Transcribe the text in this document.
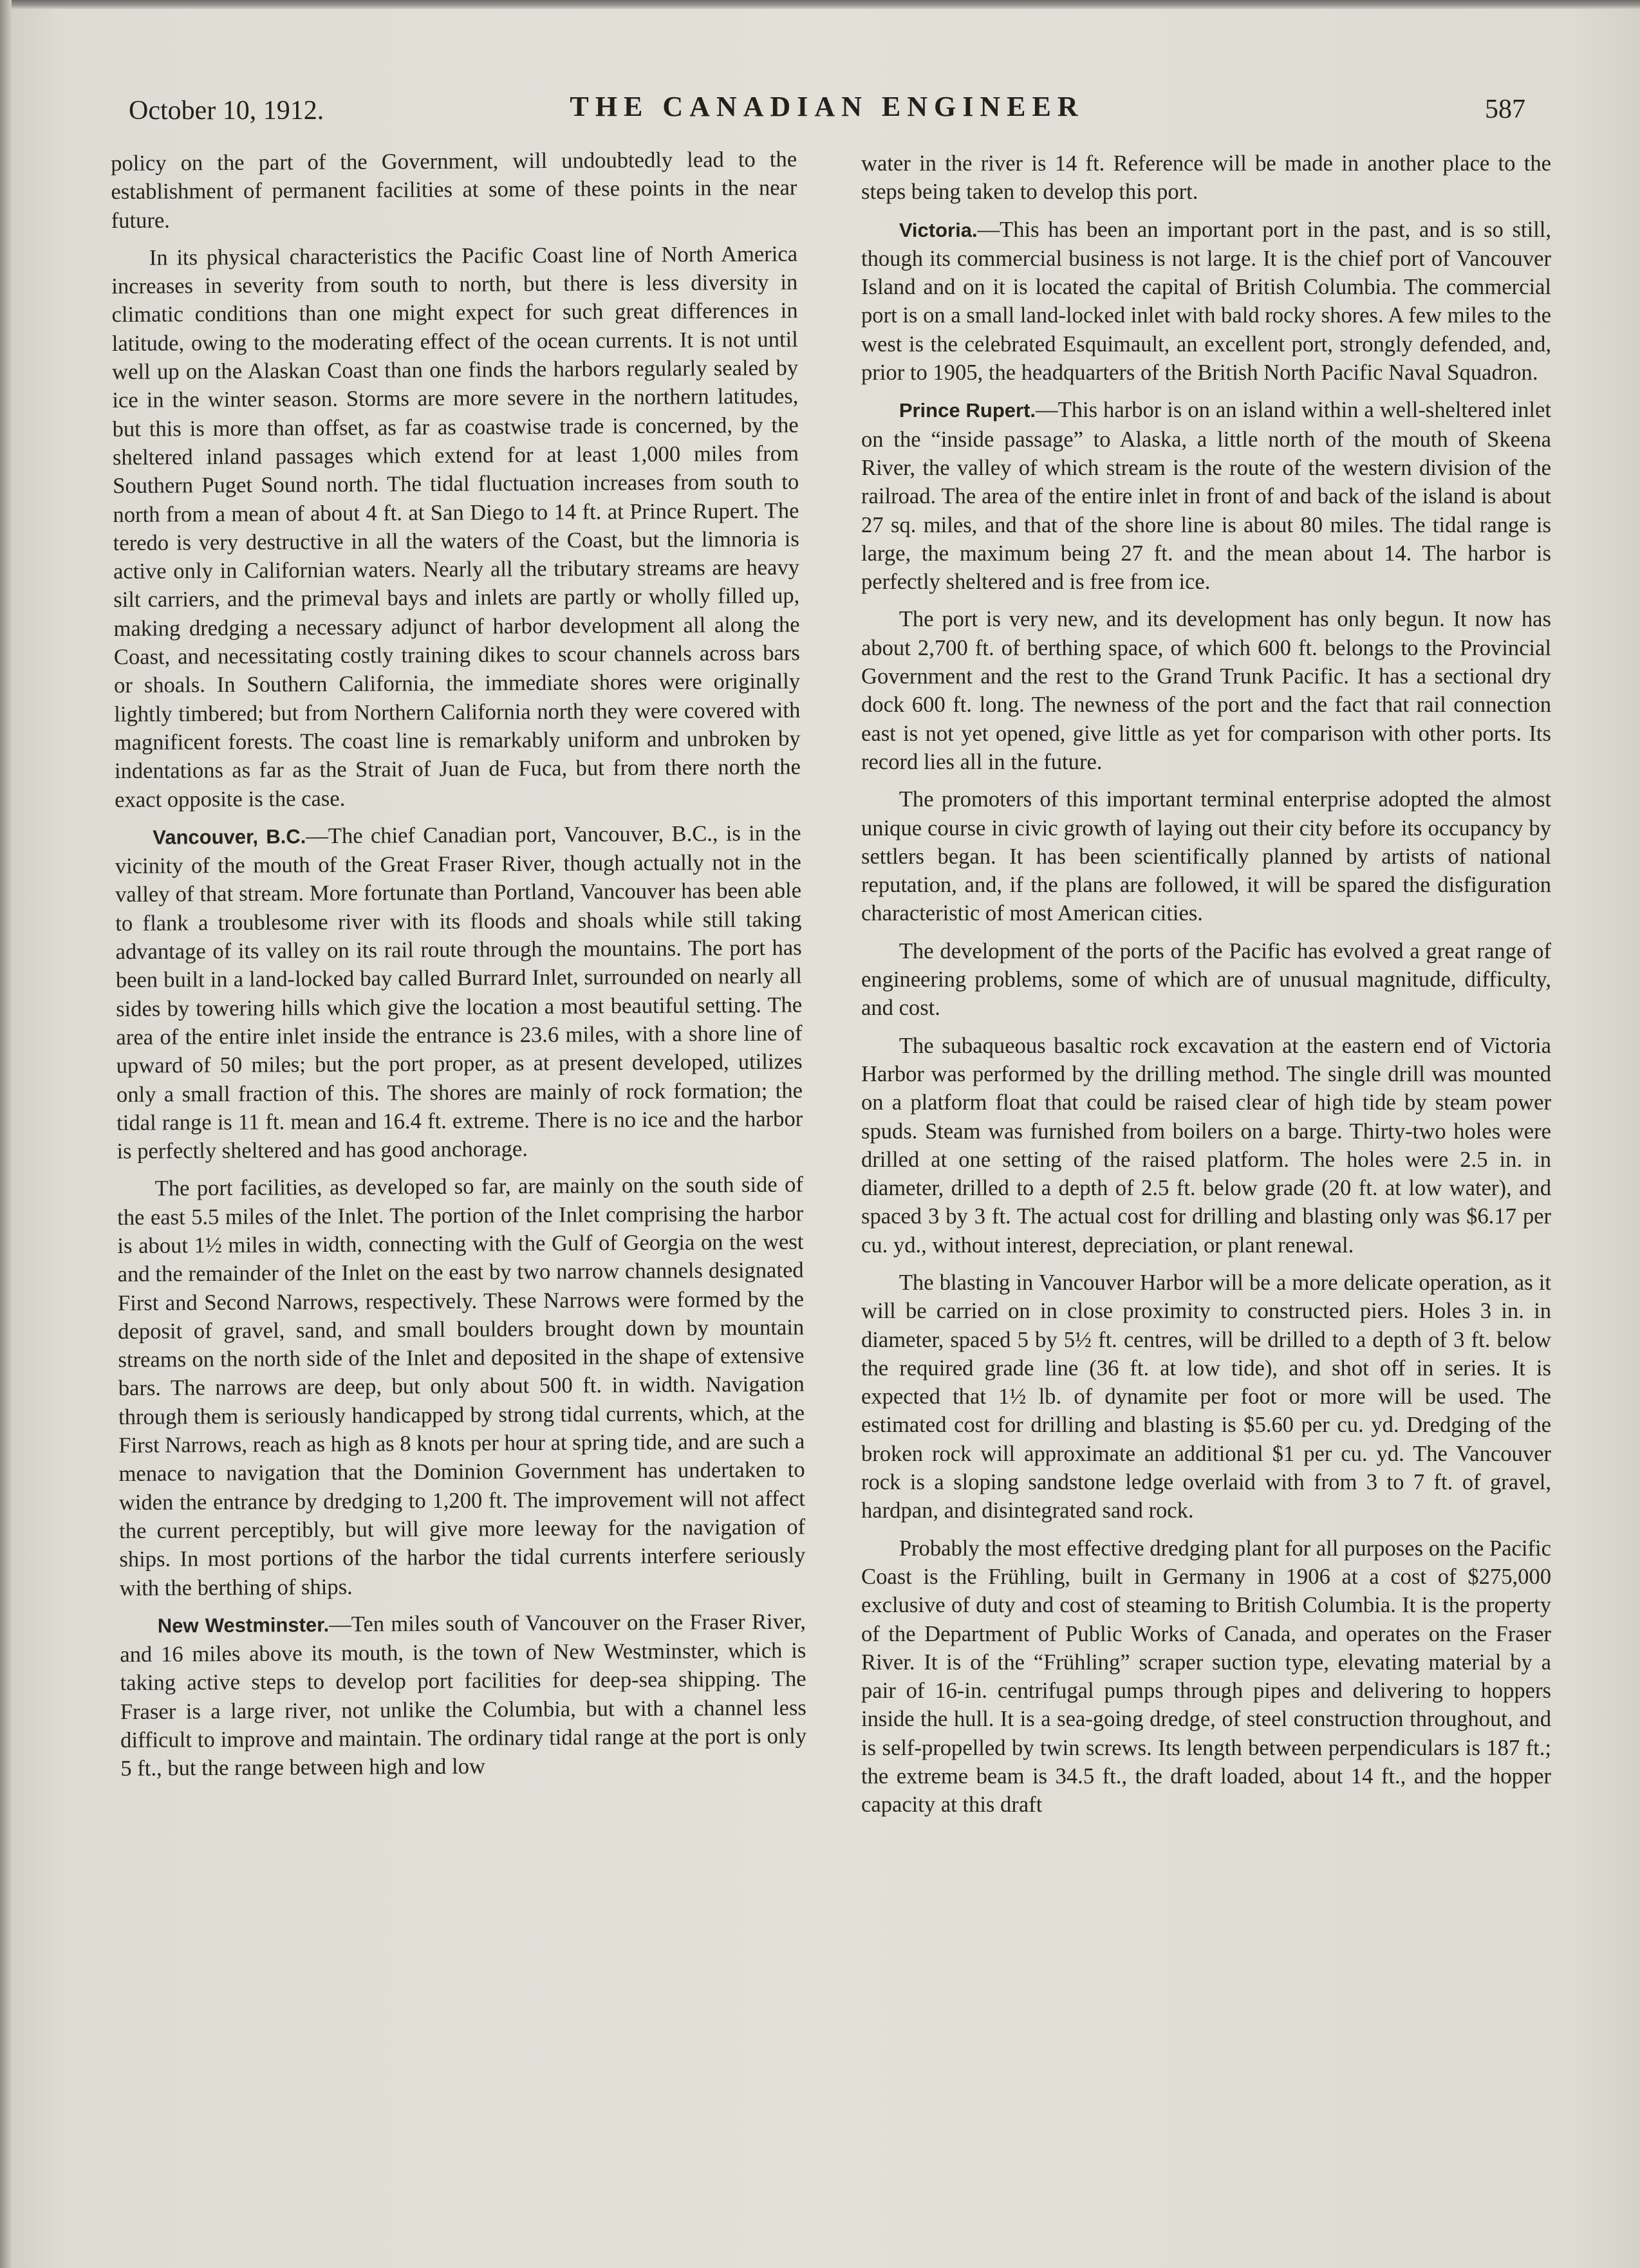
October 10, 1912.	THE CANADIAN ENGINEER	587

policy on the part of the Government, will undoubtedly lead to the establishment of permanent facilities at some of these points in the near future.

In its physical characteristics the Pacific Coast line of North America increases in severity from south to north, but there is less diversity in climatic conditions than one might expect for such great differences in latitude, owing to the moderating effect of the ocean currents. It is not until well up on the Alaskan Coast than one finds the harbors regularly sealed by ice in the winter season. Storms are more severe in the northern latitudes, but this is more than offset, as far as coastwise trade is concerned, by the sheltered inland passages which extend for at least 1,000 miles from Southern Puget Sound north. The tidal fluctuation increases from south to north from a mean of about 4 ft. at San Diego to 14 ft. at Prince Rupert. The teredo is very destructive in all the waters of the Coast, but the limnoria is active only in Californian waters. Nearly all the tributary streams are heavy silt carriers, and the primeval bays and inlets are partly or wholly filled up, making dredging a necessary adjunct of harbor development all along the Coast, and necessitating costly training dikes to scour channels across bars or shoals. In Southern California, the immediate shores were originally lightly timbered; but from Northern California north they were covered with magnificent forests. The coast line is remarkably uniform and unbroken by indentations as far as the Strait of Juan de Fuca, but from there north the exact opposite is the case.

Vancouver, B.C.—The chief Canadian port, Vancouver, B.C., is in the vicinity of the mouth of the Great Fraser River, though actually not in the valley of that stream. More fortunate than Portland, Vancouver has been able to flank a troublesome river with its floods and shoals while still taking advantage of its valley on its rail route through the mountains. The port has been built in a land-locked bay called Burrard Inlet, surrounded on nearly all sides by towering hills which give the location a most beautiful setting. The area of the entire inlet inside the entrance is 23.6 miles, with a shore line of upward of 50 miles; but the port proper, as at present developed, utilizes only a small fraction of this. The shores are mainly of rock formation; the tidal range is 11 ft. mean and 16.4 ft. extreme. There is no ice and the harbor is perfectly sheltered and has good anchorage.

The port facilities, as developed so far, are mainly on the south side of the east 5.5 miles of the Inlet. The portion of the Inlet comprising the harbor is about 1½ miles in width, connecting with the Gulf of Georgia on the west and the remainder of the Inlet on the east by two narrow channels designated First and Second Narrows, respectively. These Narrows were formed by the deposit of gravel, sand, and small boulders brought down by mountain streams on the north side of the Inlet and deposited in the shape of extensive bars. The narrows are deep, but only about 500 ft. in width. Navigation through them is seriously handicapped by strong tidal currents, which, at the First Narrows, reach as high as 8 knots per hour at spring tide, and are such a menace to navigation that the Dominion Government has undertaken to widen the entrance by dredging to 1,200 ft. The improvement will not affect the current perceptibly, but will give more leeway for the navigation of ships. In most portions of the harbor the tidal currents interfere seriously with the berthing of ships.

New Westminster.—Ten miles south of Vancouver on the Fraser River, and 16 miles above its mouth, is the town of New Westminster, which is taking active steps to develop port facilities for deep-sea shipping. The Fraser is a large river, not unlike the Columbia, but with a channel less difficult to improve and maintain. The ordinary tidal range at the port is only 5 ft., but the range between high and low

water in the river is 14 ft. Reference will be made in another place to the steps being taken to develop this port.

Victoria.—This has been an important port in the past, and is so still, though its commercial business is not large. It is the chief port of Vancouver Island and on it is located the capital of British Columbia. The commercial port is on a small land-locked inlet with bald rocky shores. A few miles to the west is the celebrated Esquimault, an excellent port, strongly defended, and, prior to 1905, the headquarters of the British North Pacific Naval Squadron.

Prince Rupert.—This harbor is on an island within a well-sheltered inlet on the “inside passage” to Alaska, a little north of the mouth of Skeena River, the valley of which stream is the route of the western division of the railroad. The area of the entire inlet in front of and back of the island is about 27 sq. miles, and that of the shore line is about 80 miles. The tidal range is large, the maximum being 27 ft. and the mean about 14. The harbor is perfectly sheltered and is free from ice.

The port is very new, and its development has only begun. It now has about 2,700 ft. of berthing space, of which 600 ft. belongs to the Provincial Government and the rest to the Grand Trunk Pacific. It has a sectional dry dock 600 ft. long. The newness of the port and the fact that rail connection east is not yet opened, give little as yet for comparison with other ports. Its record lies all in the future.

The promoters of this important terminal enterprise adopted the almost unique course in civic growth of laying out their city before its occupancy by settlers began. It has been scientifically planned by artists of national reputation, and, if the plans are followed, it will be spared the disfiguration characteristic of most American cities.

The development of the ports of the Pacific has evolved a great range of engineering problems, some of which are of unusual magnitude, difficulty, and cost.

The subaqueous basaltic rock excavation at the eastern end of Victoria Harbor was performed by the drilling method. The single drill was mounted on a platform float that could be raised clear of high tide by steam power spuds. Steam was furnished from boilers on a barge. Thirty-two holes were drilled at one setting of the raised platform. The holes were 2.5 in. in diameter, drilled to a depth of 2.5 ft. below grade (20 ft. at low water), and spaced 3 by 3 ft. The actual cost for drilling and blasting only was $6.17 per cu. yd., without interest, depreciation, or plant renewal.

The blasting in Vancouver Harbor will be a more delicate operation, as it will be carried on in close proximity to constructed piers. Holes 3 in. in diameter, spaced 5 by 5½ ft. centres, will be drilled to a depth of 3 ft. below the required grade line (36 ft. at low tide), and shot off in series. It is expected that 1½ lb. of dynamite per foot or more will be used. The estimated cost for drilling and blasting is $5.60 per cu. yd. Dredging of the broken rock will approximate an additional $1 per cu. yd. The Vancouver rock is a sloping sandstone ledge overlaid with from 3 to 7 ft. of gravel, hardpan, and disintegrated sand rock.

Probably the most effective dredging plant for all purposes on the Pacific Coast is the Frühling, built in Germany in 1906 at a cost of $275,000 exclusive of duty and cost of steaming to British Columbia. It is the property of the Department of Public Works of Canada, and operates on the Fraser River. It is of the “Frühling” scraper suction type, elevating material by a pair of 16-in. centrifugal pumps through pipes and delivering to hoppers inside the hull. It is a sea-going dredge, of steel construction throughout, and is self-propelled by twin screws. Its length between perpendiculars is 187 ft.; the extreme beam is 34.5 ft., the draft loaded, about 14 ft., and the hopper capacity at this draft
